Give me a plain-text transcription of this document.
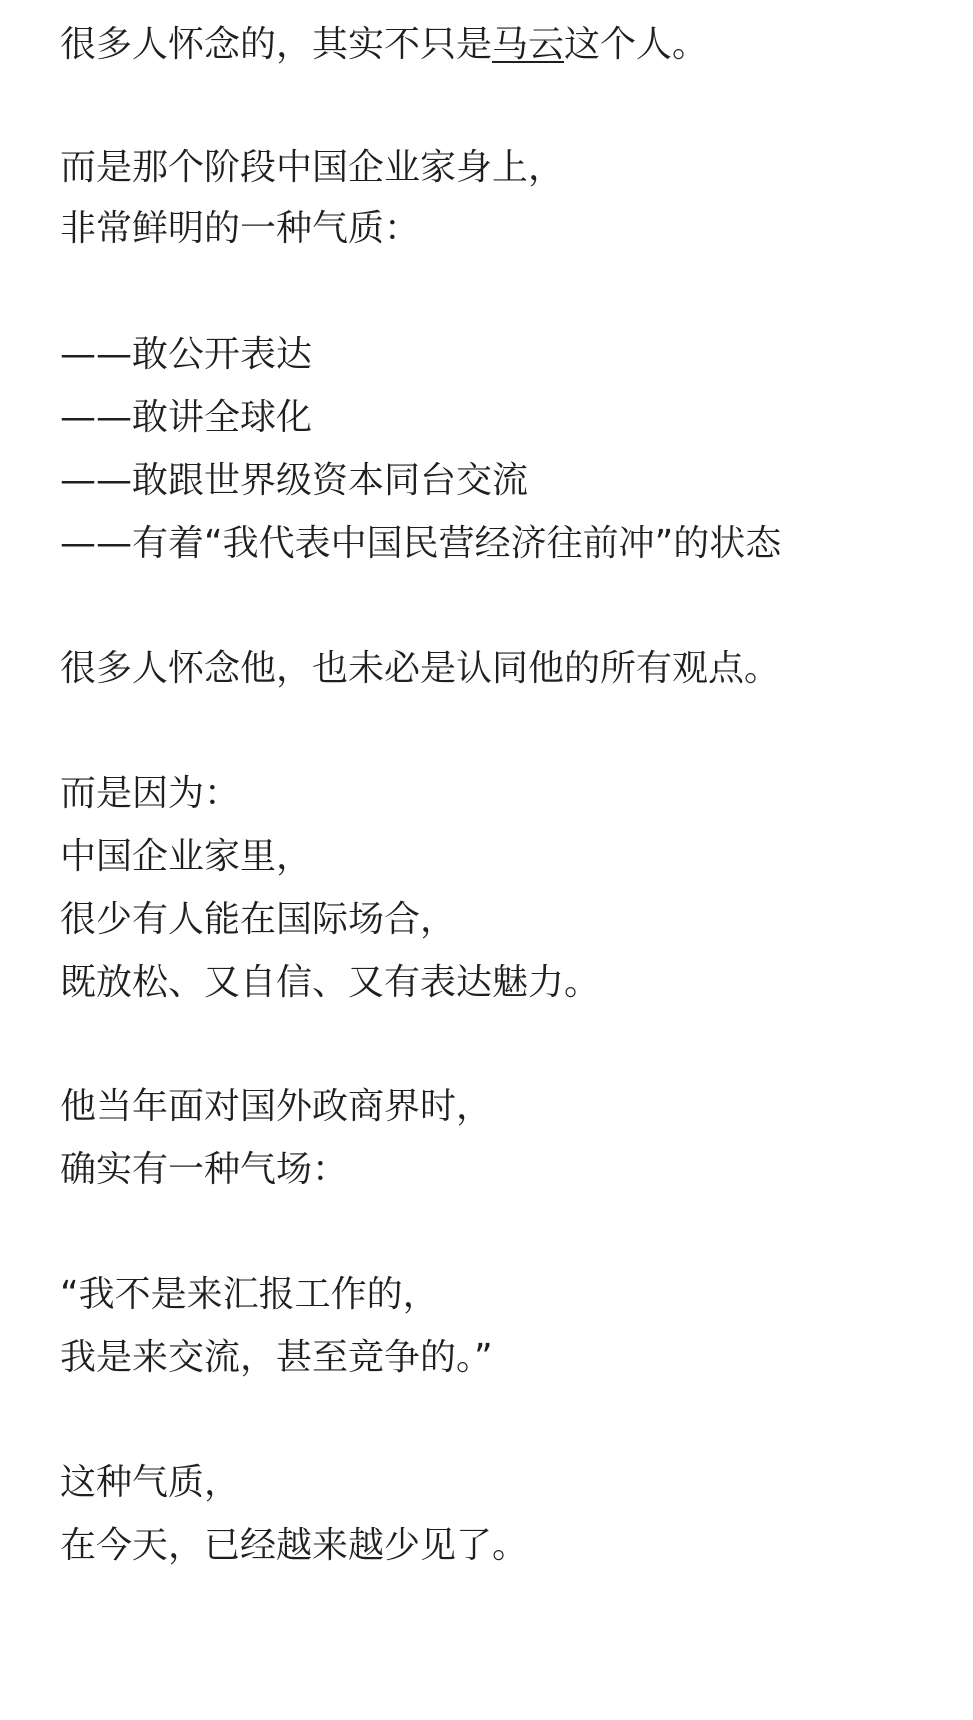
很多人怀念的，其实不只是马云这个人。
而是那个阶段中国企业家身上，
非常鲜明的一种气质：
——敢公开表达
——敢讲全球化
——敢跟世界级资本同台交流
——有着“我代表中国民营经济往前冲”的状态
很多人怀念他，也未必是认同他的所有观点。
而是因为：
中国企业家里，
很少有人能在国际场合，
既放松、又自信、又有表达魅力。
他当年面对国外政商界时，
确实有一种气场：
“我不是来汇报工作的，
我是来交流，甚至竞争的。”
这种气质，
在今天，已经越来越少见了。
